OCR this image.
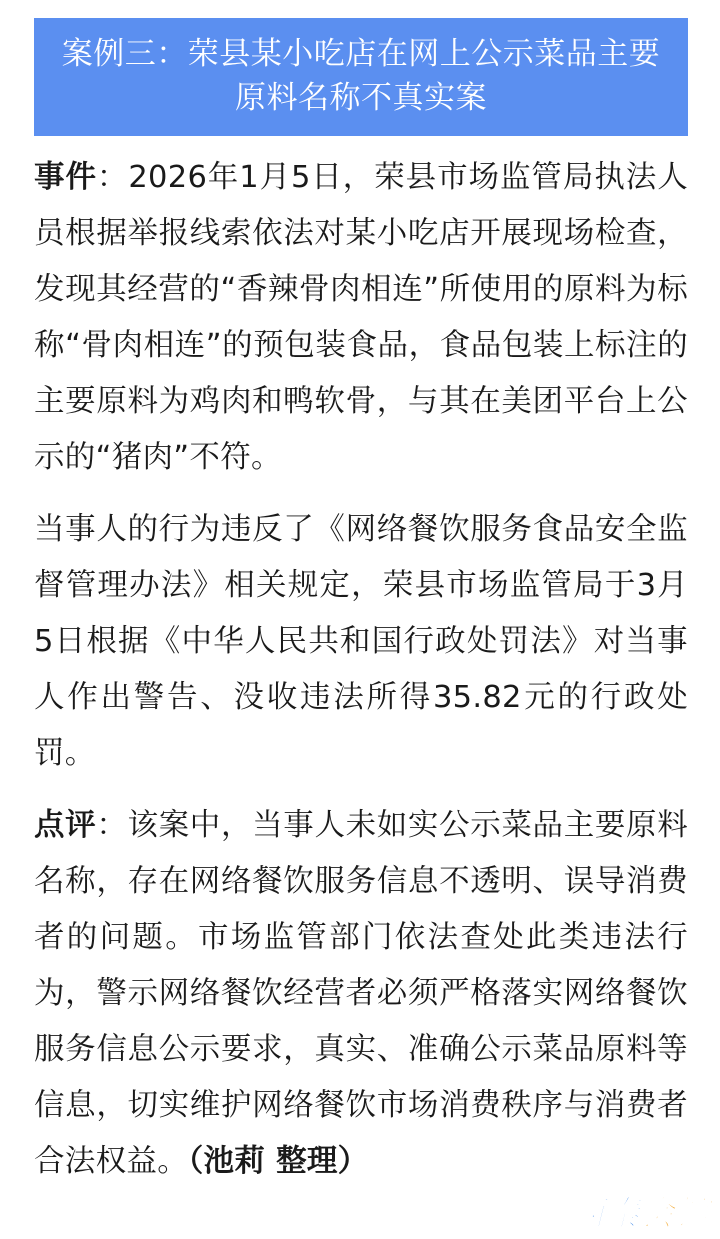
案例三：荣县某小吃店在网上公示菜品主要
原料名称不真实案

事件：2026年1月5日，荣县市场监管局执法人员根据举报线索依法对某小吃店开展现场检查，发现其经营的“香辣骨肉相连”所使用的原料为标称“骨肉相连”的预包装食品，食品包装上标注的主要原料为鸡肉和鸭软骨，与其在美团平台上公示的“猪肉”不符。

当事人的行为违反了《网络餐饮服务食品安全监督管理办法》相关规定，荣县市场监管局于3月5日根据《中华人民共和国行政处罚法》对当事人作出警告、没收违法所得35.82元的行政处罚。

点评：该案中，当事人未如实公示菜品主要原料名称，存在网络餐饮服务信息不透明、误导消费者的问题。市场监管部门依法查处此类违法行为，警示网络餐饮经营者必须严格落实网络餐饮服务信息公示要求，真实、准确公示菜品原料等信息，切实维护网络餐饮市场消费秩序与消费者合法权益。（池莉 整理）

西秦会馆
